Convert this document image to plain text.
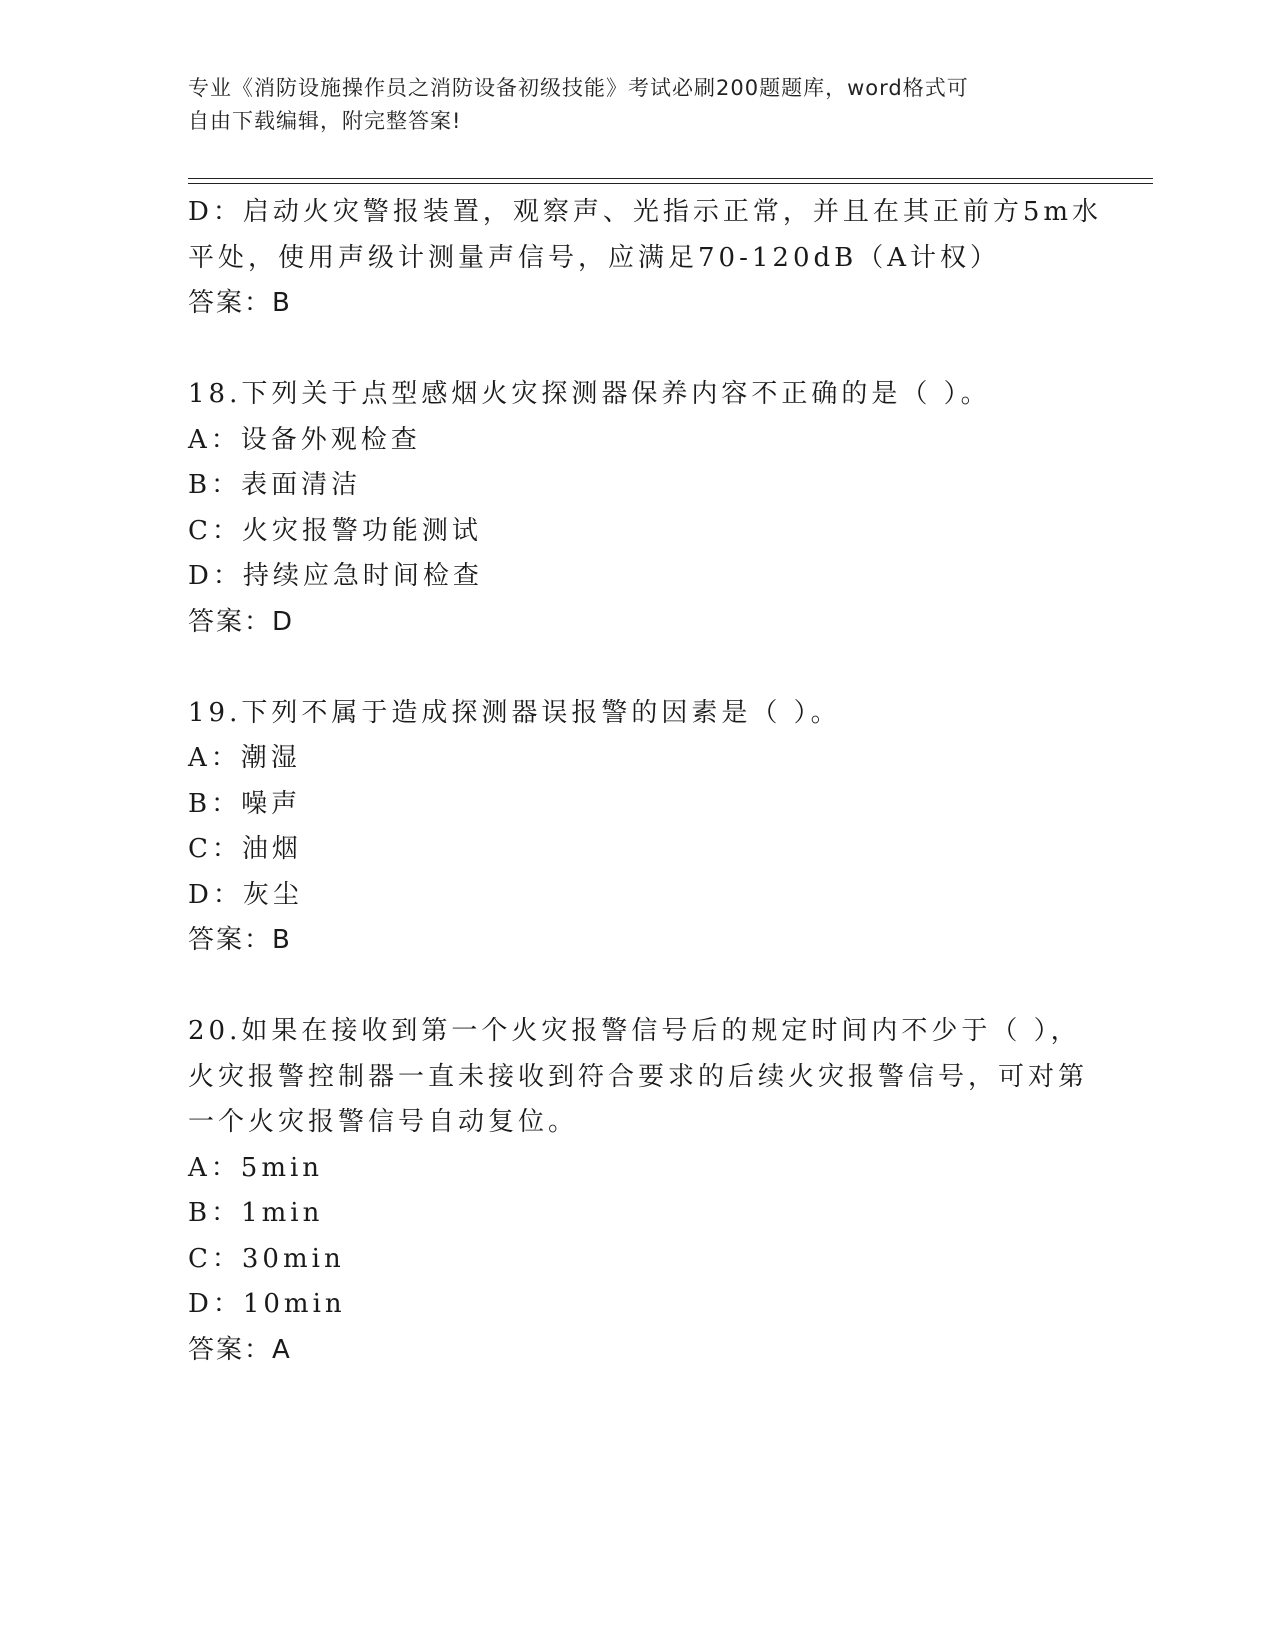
专业《消防设施操作员之消防设备初级技能》考试必刷200题题库，word格式可
自由下载编辑，附完整答案!
D：启动火灾警报装置，观察声、光指示正常，并且在其正前方5m水
平处，使用声级计测量声信号，应满足70-120dB（A计权）
答案：B
18.下列关于点型感烟火灾探测器保养内容不正确的是（ ）。
A：设备外观检查
B：表面清洁
C：火灾报警功能测试
D：持续应急时间检查
答案：D
19.下列不属于造成探测器误报警的因素是（ ）。
A：潮湿
B：噪声
C：油烟
D：灰尘
答案：B
20.如果在接收到第一个火灾报警信号后的规定时间内不少于（ ），
火灾报警控制器一直未接收到符合要求的后续火灾报警信号，可对第
一个火灾报警信号自动复位。
A：5min
B：1min
C：30min
D：10min
答案：A
